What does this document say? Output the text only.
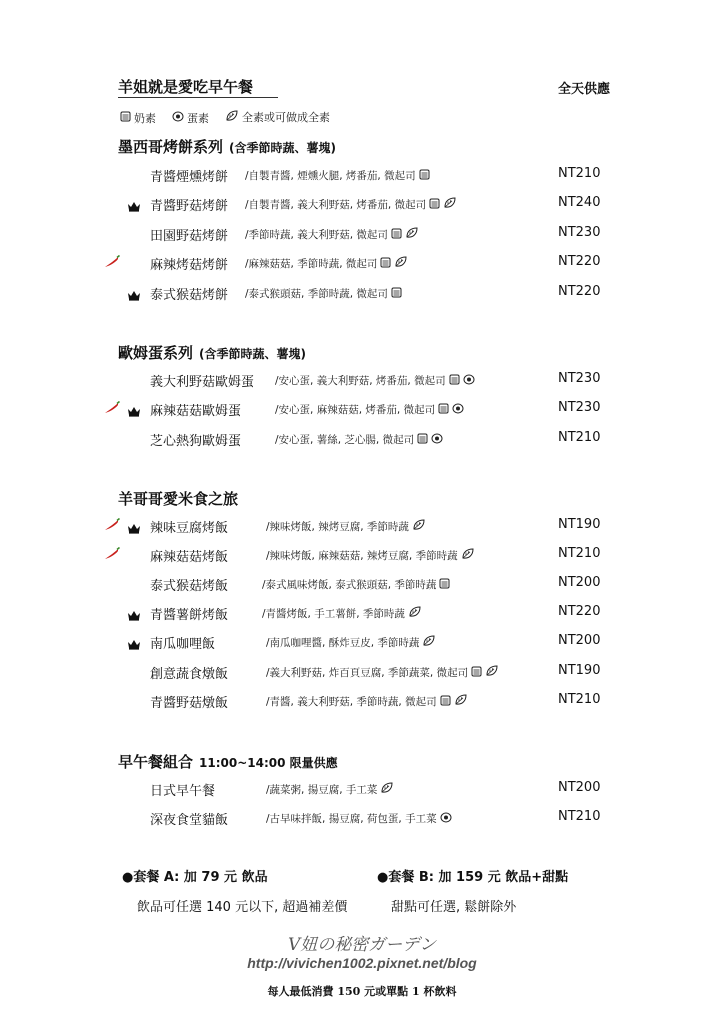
羊姐就是愛吃早午餐	全天供應
奶素	蛋素	全素或可做成全素
墨西哥烤餅系列 (含季節時蔬、薯塊)
青醬煙燻烤餅 /自製青醬, 煙燻火腿, 烤番茄, 微起司	NT210
青醬野菇烤餅 /自製青醬, 義大利野菇, 烤番茄, 微起司	NT240
田園野菇烤餅 /季節時蔬, 義大利野菇, 微起司	NT230
麻辣烤菇烤餅 /麻辣菇菇, 季節時蔬, 微起司	NT220
泰式猴菇烤餅 /泰式猴頭菇, 季節時蔬, 微起司	NT220
歐姆蛋系列 (含季節時蔬、薯塊)
義大利野菇歐姆蛋 /安心蛋, 義大利野菇, 烤番茄, 微起司	NT230
麻辣菇菇歐姆蛋	/安心蛋, 麻辣菇菇, 烤番茄, 微起司	NT230
芝心熱狗歐姆蛋	/安心蛋, 薯絲, 芝心腸, 微起司	NT210
羊哥哥愛米食之旅
辣味豆腐烤飯	/辣味烤飯, 辣烤豆腐, 季節時蔬	NT190
麻辣菇菇烤飯	/辣味烤飯, 麻辣菇菇, 辣烤豆腐, 季節時蔬	NT210
泰式猴菇烤飯	/泰式風味烤飯, 泰式猴頭菇, 季節時蔬	NT200
青醬薯餅烤飯	/青醬烤飯, 手工薯餅, 季節時蔬	NT220
南瓜咖哩飯	/南瓜咖哩醬, 酥炸豆皮, 季節時蔬	NT200
創意蔬食燉飯	/義大利野菇, 炸百頁豆腐, 季節蔬菜, 微起司	NT190
青醬野菇燉飯	/青醬, 義大利野菇, 季節時蔬, 微起司	NT210
早午餐組合 11:00~14:00 限量供應
日式早午餐	/蔬菜粥, 揚豆腐, 手工菜	NT200
深夜食堂貓飯	/古早味拌飯, 揚豆腐, 荷包蛋, 手工菜	NT210
●套餐 A: 加 79 元 飲品	●套餐 B: 加 159 元 飲品+甜點
飲品可任選 140 元以下, 超過補差價	甜點可任選, 鬆餅除外
V妞の秘密ガーデン
http://vivichen1002.pixnet.net/blog
每人最低消費 150 元或單點 1 杯飲料
